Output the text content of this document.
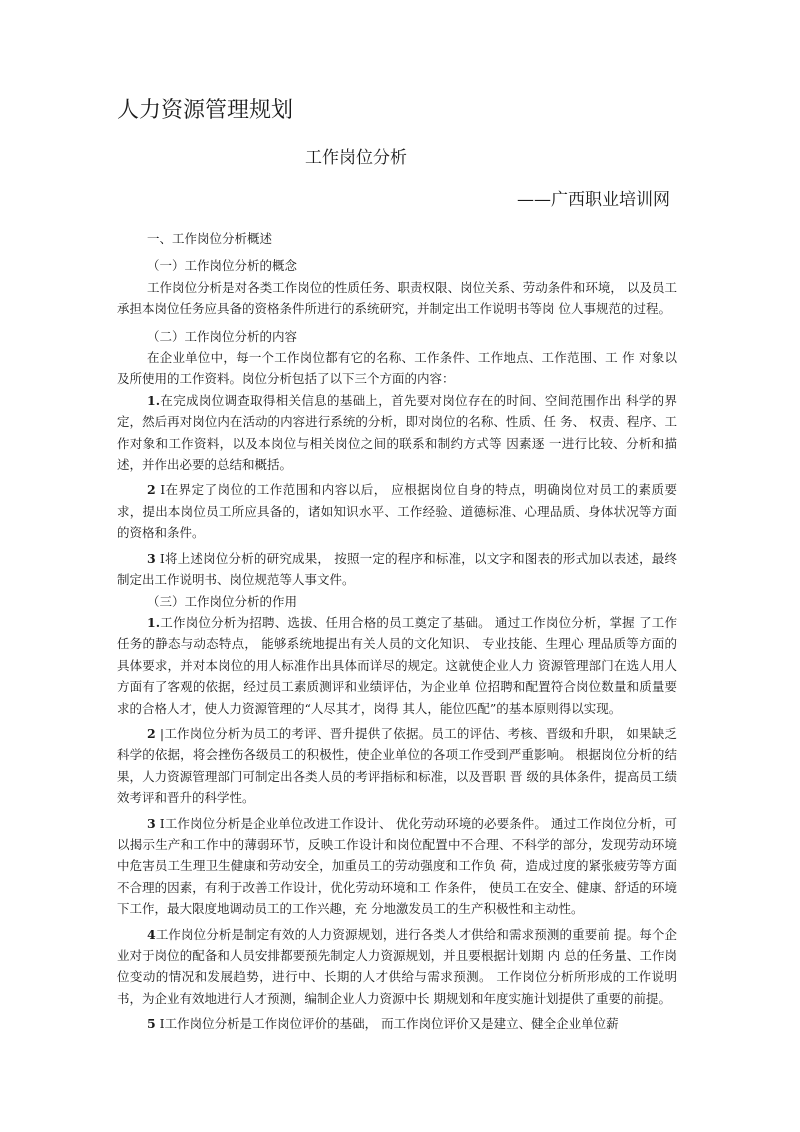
人力资源管理规划
工作岗位分析
——广西职业培训网

一、工作岗位分析概述

（一）工作岗位分析的概念

工作岗位分析是对各类工作岗位的性质任务、职责权限、岗位关系、劳动条件和环境， 以及员工承担本岗位任务应具备的资格条件所进行的系统研究，并制定出工作说明书等岗 位人事规范的过程。

（二）工作岗位分析的内容

在企业单位中，每一个工作岗位都有它的名称、工作条件、工作地点、工作范围、工 作 对象以及所使用的工作资料。岗位分析包括了以下三个方面的内容：

1.在完成岗位调查取得相关信息的基础上，首先要对岗位存在的时间、空间范围作出 科学的界定，然后再对岗位内在活动的内容进行系统的分析，即对岗位的名称、性质、任 务、 权责、程序、工作对象和工作资料，以及本岗位与相关岗位之间的联系和制约方式等 因素逐 一进行比较、分析和描述，并作出必要的总结和概括。

2 I在界定了岗位的工作范围和内容以后， 应根据岗位自身的特点，明确岗位对员工的素质要求，提出本岗位员工所应具备的，诸如知识水平、工作经验、道德标准、心理品质、身体状况等方面的资格和条件。

3 I将上述岗位分析的研究成果， 按照一定的程序和标准，以文字和图表的形式加以表述，最终制定出工作说明书、岗位规范等人事文件。

（三）工作岗位分析的作用

1.工作岗位分析为招聘、选拔、任用合格的员工奠定了基础。 通过工作岗位分析，掌握 了工作任务的静态与动态特点， 能够系统地提出有关人员的文化知识、 专业技能、生理心 理品质等方面的具体要求，并对本岗位的用人标准作出具体而详尽的规定。这就使企业人力 资源管理部门在选人用人方面有了客观的依据，经过员工素质测评和业绩评估，为企业单 位招聘和配置符合岗位数量和质量要求的合格人才，使人力资源管理的“人尽其才，岗得 其人，能位匹配”的基本原则得以实现。

2 |工作岗位分析为员工的考评、晋升提供了依据。员工的评估、考核、晋级和升职， 如果缺乏科学的依据，将会挫伤各级员工的积极性，使企业单位的各项工作受到严重影响。 根据岗位分析的结果，人力资源管理部门可制定出各类人员的考评指标和标准，以及晋职 晋 级的具体条件，提高员工绩效考评和晋升的科学性。

3 I工作岗位分析是企业单位改进工作设计、 优化劳动环境的必要条件。 通过工作岗位分析，可以揭示生产和工作中的薄弱环节，反映工作设计和岗位配置中不合理、不科学的部分，发现劳动环境中危害员工生理卫生健康和劳动安全，加重员工的劳动强度和工作负 荷，造成过度的紧张疲劳等方面不合理的因素，有利于改善工作设计，优化劳动环境和工 作条件， 使员工在安全、健康、舒适的环境下工作，最大限度地调动员工的工作兴趣，充 分地激发员工的生产积极性和主动性。

4工作岗位分析是制定有效的人力资源规划，进行各类人才供给和需求预测的重要前 提。每个企业对于岗位的配备和人员安排都要预先制定人力资源规划，并且要根据计划期 内 总的任务量、工作岗位变动的情况和发展趋势，进行中、长期的人才供给与需求预测。 工作岗位分析所形成的工作说明书，为企业有效地进行人才预测，编制企业人力资源中长 期规划和年度实施计划提供了重要的前提。

5 I工作岗位分析是工作岗位评价的基础， 而工作岗位评价又是建立、健全企业单位薪
